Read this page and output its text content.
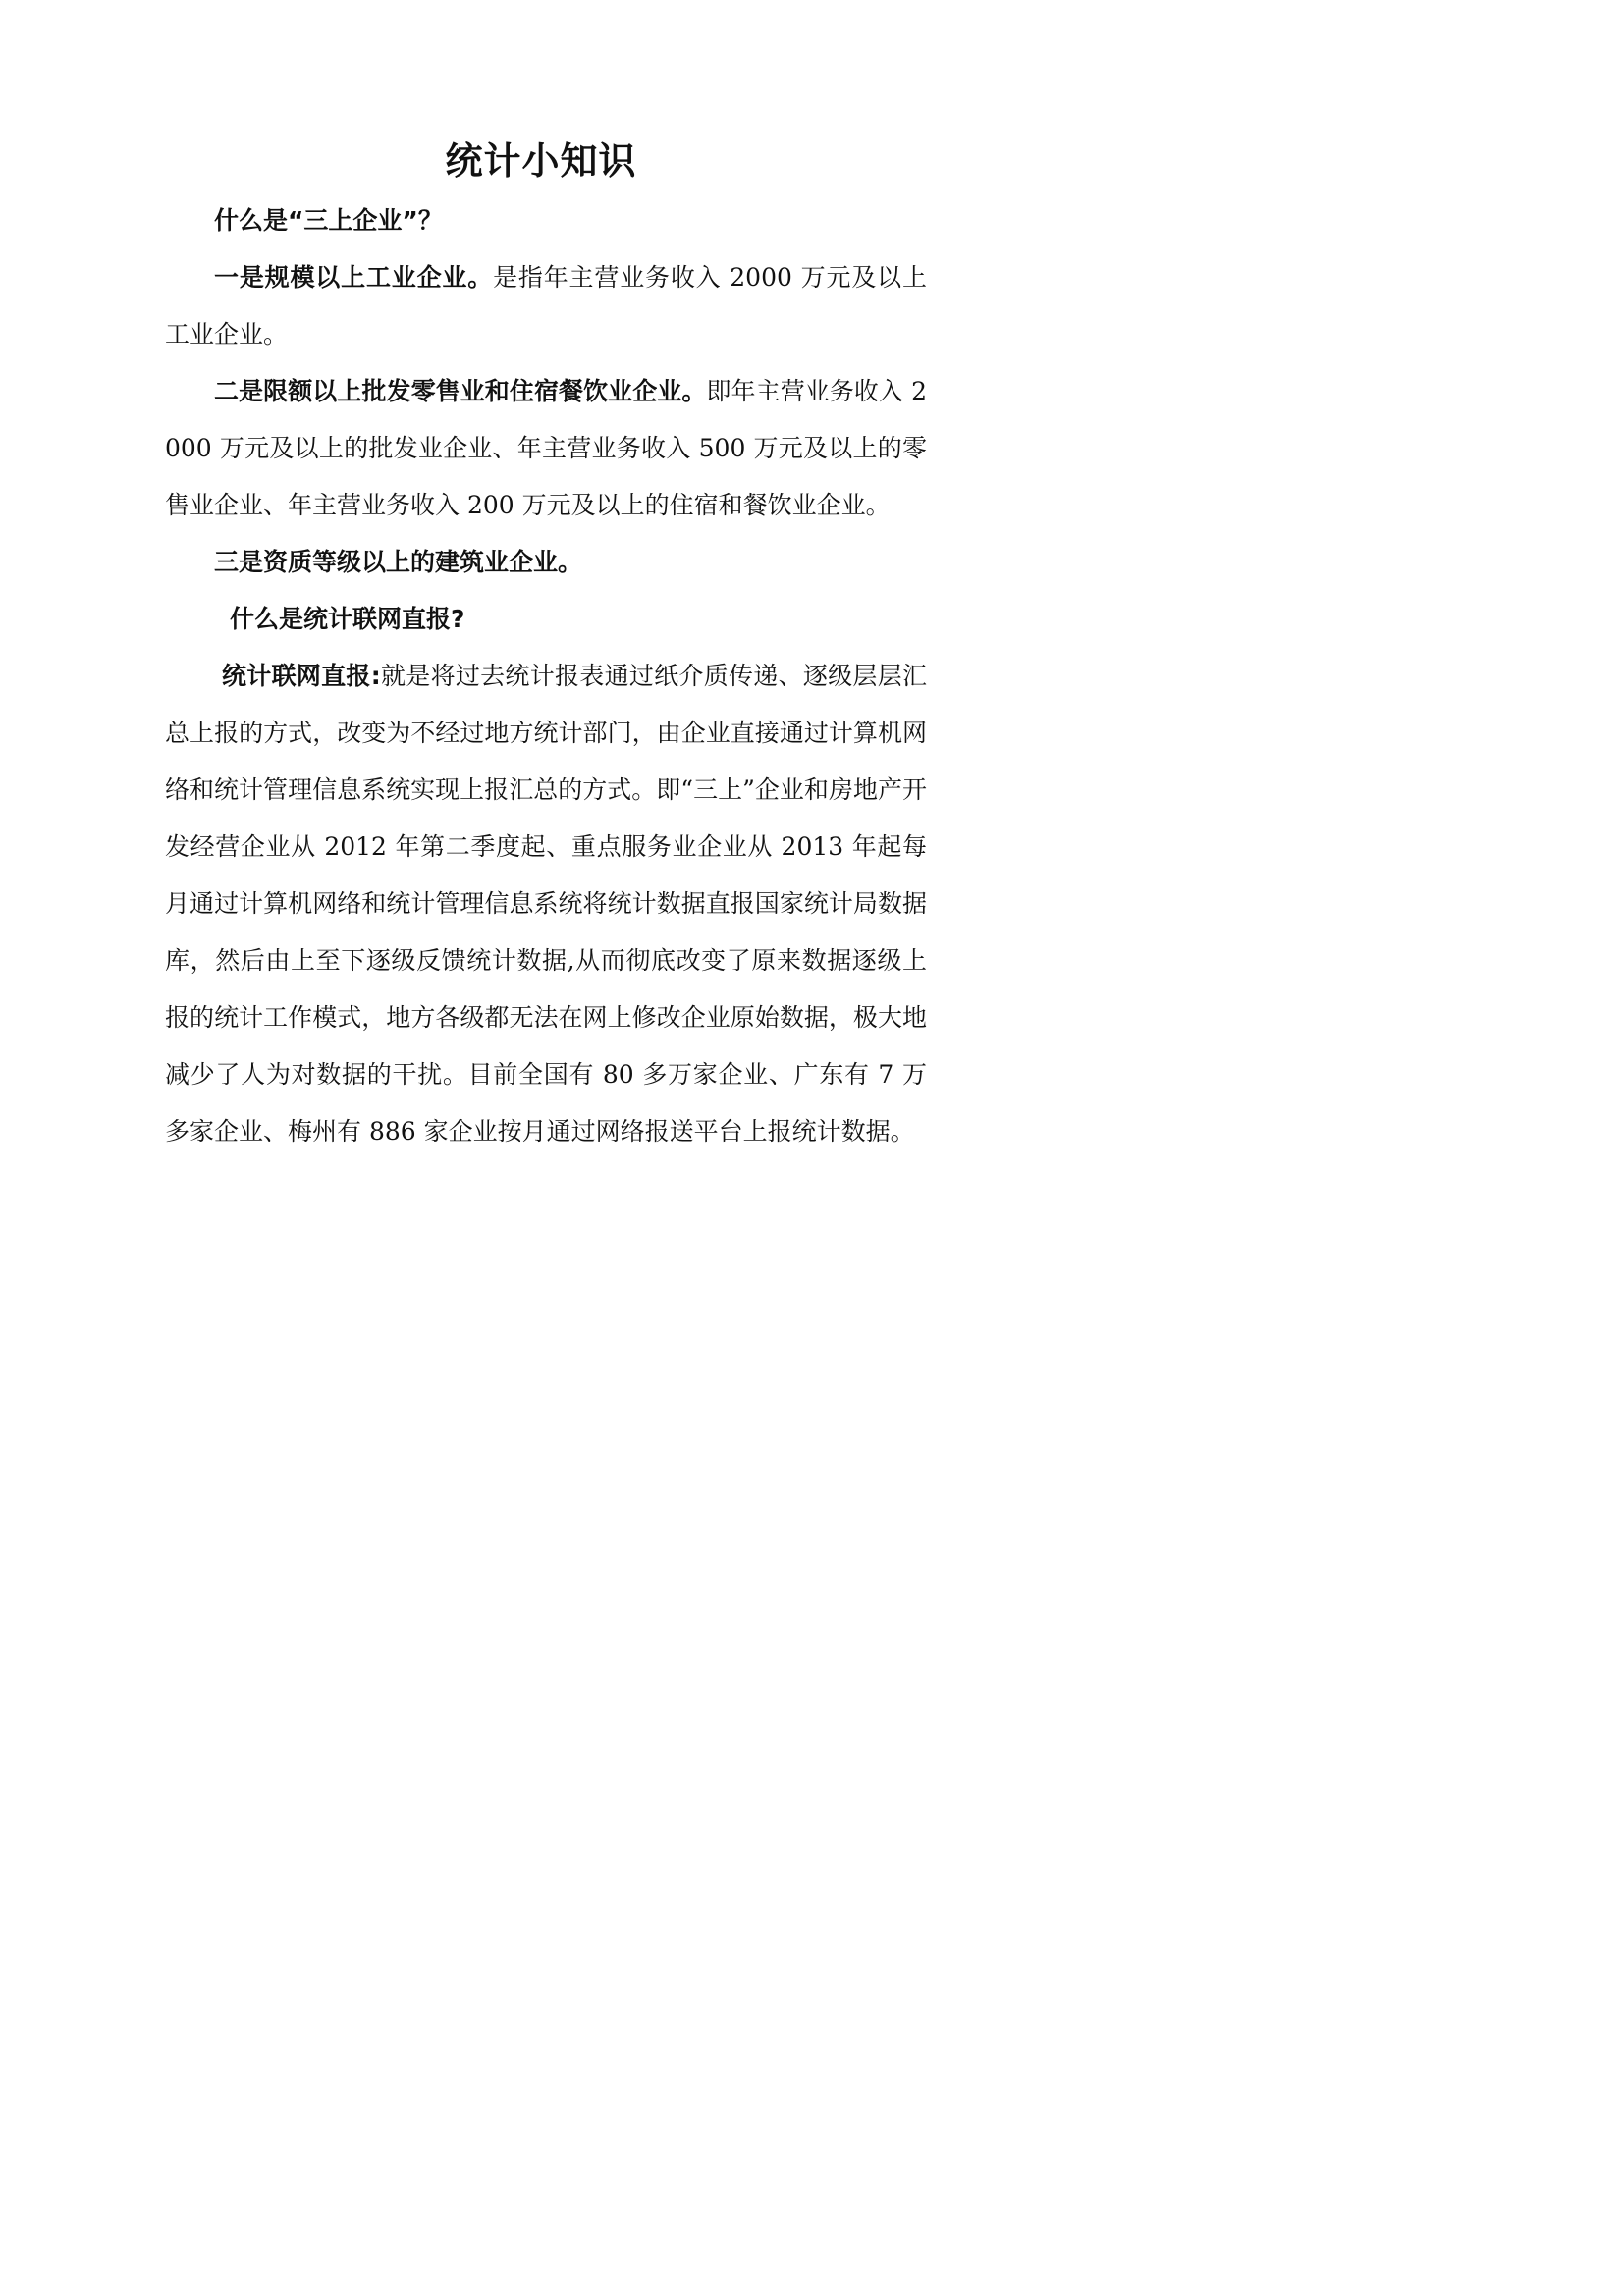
统计小知识

什么是“三上企业”？

一是规模以上工业企业。是指年主营业务收入 2000 万元及以上工业企业。

二是限额以上批发零售业和住宿餐饮业企业。即年主营业务收入 2000 万元及以上的批发业企业、年主营业务收入 500 万元及以上的零售业企业、年主营业务收入 200 万元及以上的住宿和餐饮业企业。

三是资质等级以上的建筑业企业。

什么是统计联网直报?

统计联网直报:就是将过去统计报表通过纸介质传递、逐级层层汇总上报的方式，改变为不经过地方统计部门，由企业直接通过计算机网络和统计管理信息系统实现上报汇总的方式。即“三上”企业和房地产开发经营企业从 2012 年第二季度起、重点服务业企业从 2013 年起每月通过计算机网络和统计管理信息系统将统计数据直报国家统计局数据库，然后由上至下逐级反馈统计数据,从而彻底改变了原来数据逐级上报的统计工作模式，地方各级都无法在网上修改企业原始数据，极大地减少了人为对数据的干扰。目前全国有 80 多万家企业、广东有 7 万多家企业、梅州有 886 家企业按月通过网络报送平台上报统计数据。
